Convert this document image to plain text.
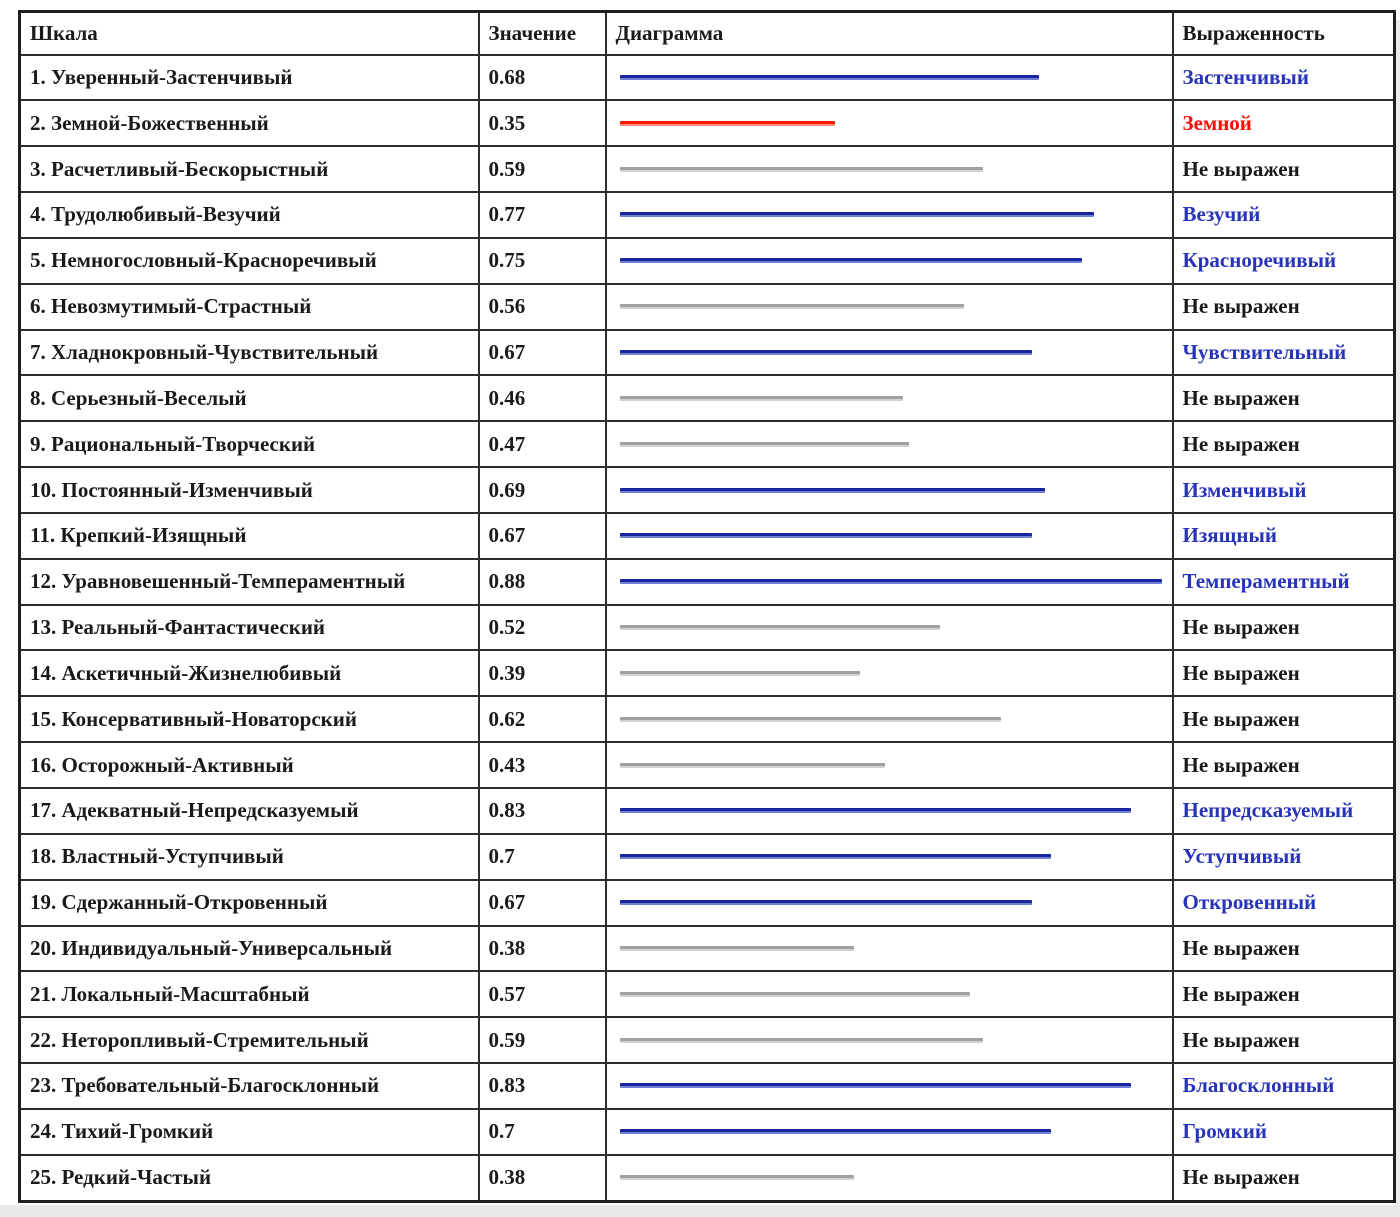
Шкала	Значение	Диаграмма	Выраженность
1. Уверенный-Застенчивый	0.68		Застенчивый
2. Земной-Божественный	0.35		Земной
3. Расчетливый-Бескорыстный	0.59		Не выражен
4. Трудолюбивый-Везучий	0.77		Везучий
5. Немногословный-Красноречивый	0.75		Красноречивый
6. Невозмутимый-Страстный	0.56		Не выражен
7. Хладнокровный-Чувствительный	0.67		Чувствительный
8. Серьезный-Веселый	0.46		Не выражен
9. Рациональный-Творческий	0.47		Не выражен
10. Постоянный-Изменчивый	0.69		Изменчивый
11. Крепкий-Изящный	0.67		Изящный
12. Уравновешенный-Темпераментный	0.88		Темпераментный
13. Реальный-Фантастический	0.52		Не выражен
14. Аскетичный-Жизнелюбивый	0.39		Не выражен
15. Консервативный-Новаторский	0.62		Не выражен
16. Осторожный-Активный	0.43		Не выражен
17. Адекватный-Непредсказуемый	0.83		Непредсказуемый
18. Властный-Уступчивый	0.7		Уступчивый
19. Сдержанный-Откровенный	0.67		Откровенный
20. Индивидуальный-Универсальный	0.38		Не выражен
21. Локальный-Масштабный	0.57		Не выражен
22. Неторопливый-Стремительный	0.59		Не выражен
23. Требовательный-Благосклонный	0.83		Благосклонный
24. Тихий-Громкий	0.7		Громкий
25. Редкий-Частый	0.38		Не выражен
